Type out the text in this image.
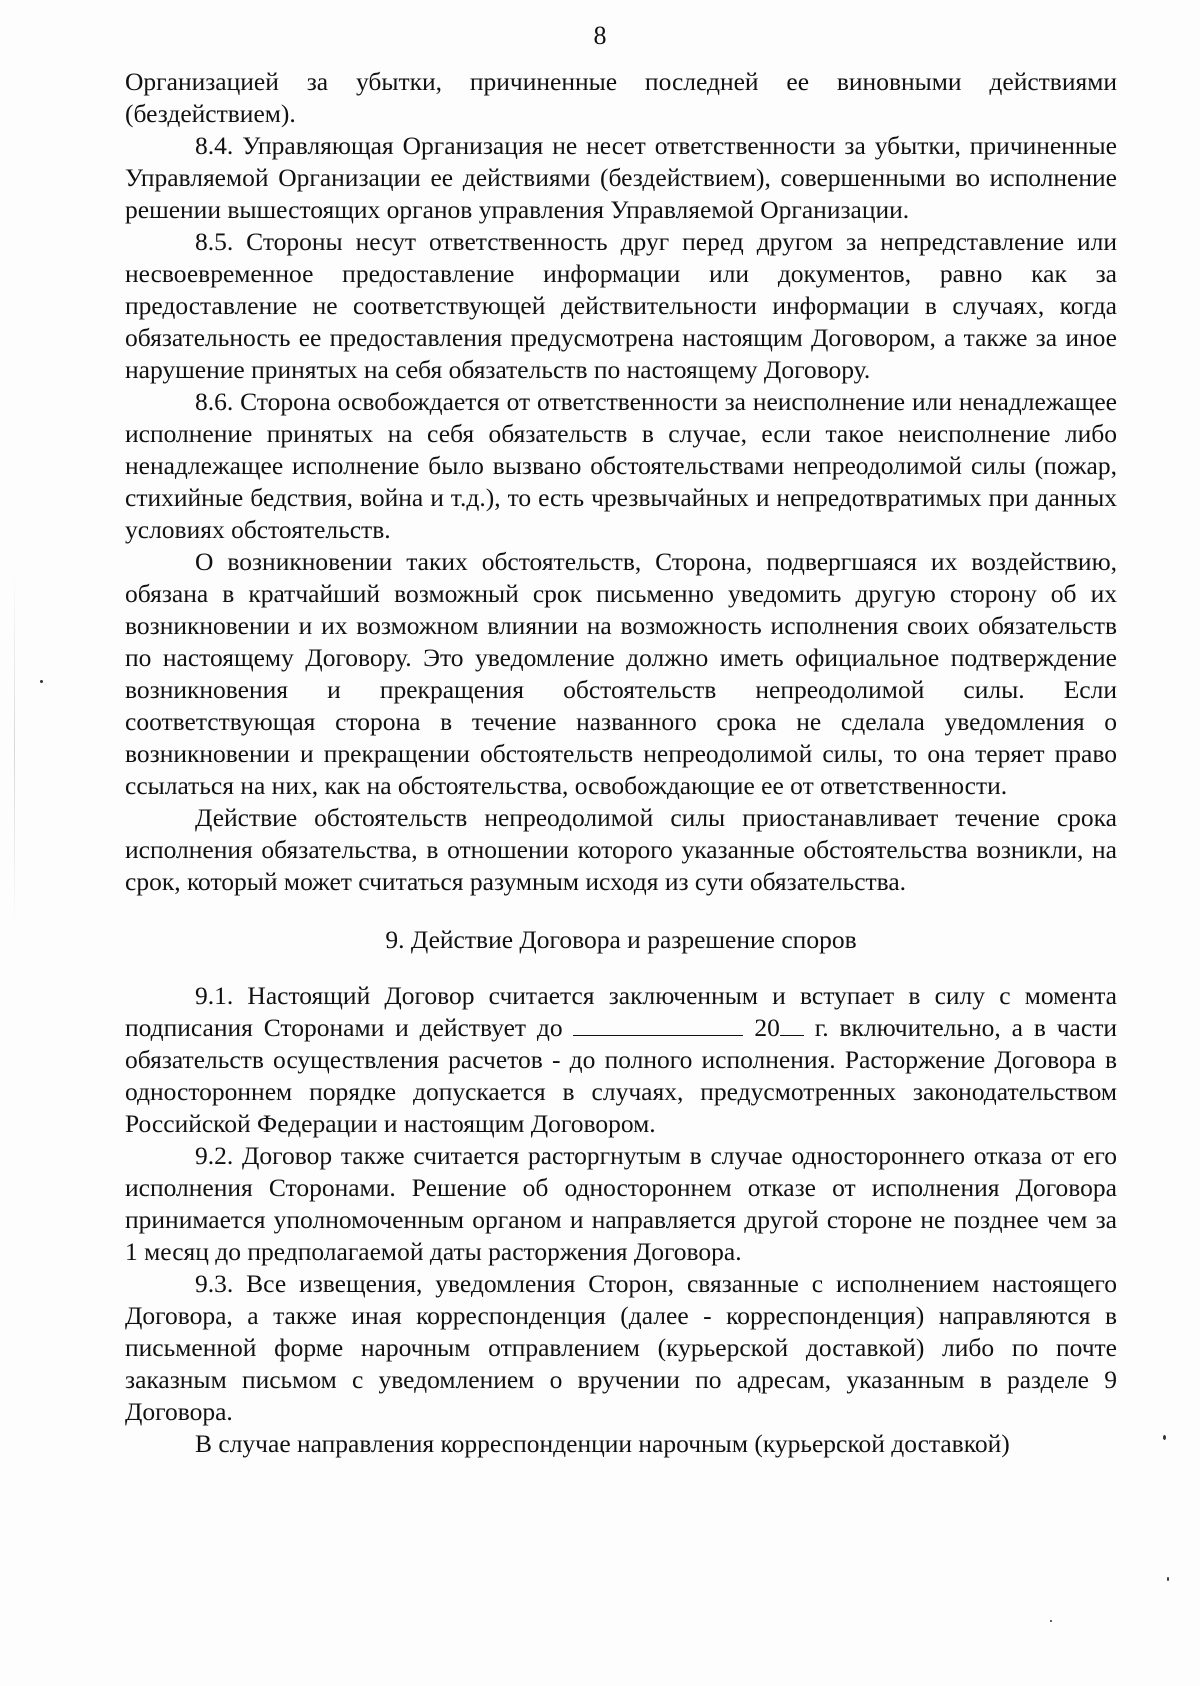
8

Организацией за убытки, причиненные последней ее виновными действиями (бездействием).

8.4. Управляющая Организация не несет ответственности за убытки, причиненные Управляемой Организации ее действиями (бездействием), совершенными во исполнение решении вышестоящих органов управления Управляемой Организации.

8.5. Стороны несут ответственность друг перед другом за непредставление или несвоевременное предоставление информации или документов, равно как за предоставление не соответствующей действительности информации в случаях, когда обязательность ее предоставления предусмотрена настоящим Договором, а также за иное нарушение принятых на себя обязательств по настоящему Договору.

8.6. Сторона освобождается от ответственности за неисполнение или ненадлежащее исполнение принятых на себя обязательств в случае, если такое неисполнение либо ненадлежащее исполнение было вызвано обстоятельствами непреодолимой силы (пожар, стихийные бедствия, война и т.д.), то есть чрезвычайных и непредотвратимых при данных условиях обстоятельств.

О возникновении таких обстоятельств, Сторона, подвергшаяся их воздействию, обязана в кратчайший возможный срок письменно уведомить другую сторону об их возникновении и их возможном влиянии на возможность исполнения своих обязательств по настоящему Договору. Это уведомление должно иметь официальное подтверждение возникновения и прекращения обстоятельств непреодолимой силы. Если соответствующая сторона в течение названного срока не сделала уведомления о возникновении и прекращении обстоятельств непреодолимой силы, то она теряет право ссылаться на них, как на обстоятельства, освобождающие ее от ответственности.

Действие обстоятельств непреодолимой силы приостанавливает течение срока исполнения обязательства, в отношении которого указанные обстоятельства возникли, на срок, который может считаться разумным исходя из сути обязательства.

9. Действие Договора и разрешение споров

9.1. Настоящий Договор считается заключенным и вступает в силу с момента подписания Сторонами и действует до	20 г. включительно, а в части обязательств осуществления расчетов - до полного исполнения. Расторжение Договора в одностороннем порядке допускается в случаях, предусмотренных законодательством Российской Федерации и настоящим Договором.

9.2. Договор также считается расторгнутым в случае одностороннего отказа от его исполнения Сторонами. Решение об одностороннем отказе от исполнения Договора принимается уполномоченным органом и направляется другой стороне не позднее чем за 1 месяц до предполагаемой даты расторжения Договора.

9.3. Все извещения, уведомления Сторон, связанные с исполнением настоящего Договора, а также иная корреспонденция (далее - корреспонденция) направляются в письменной форме нарочным отправлением (курьерской доставкой) либо по почте заказным письмом с уведомлением о вручении по адресам, указанным в разделе 9 Договора.

В случае направления корреспонденции нарочным (курьерской доставкой)
